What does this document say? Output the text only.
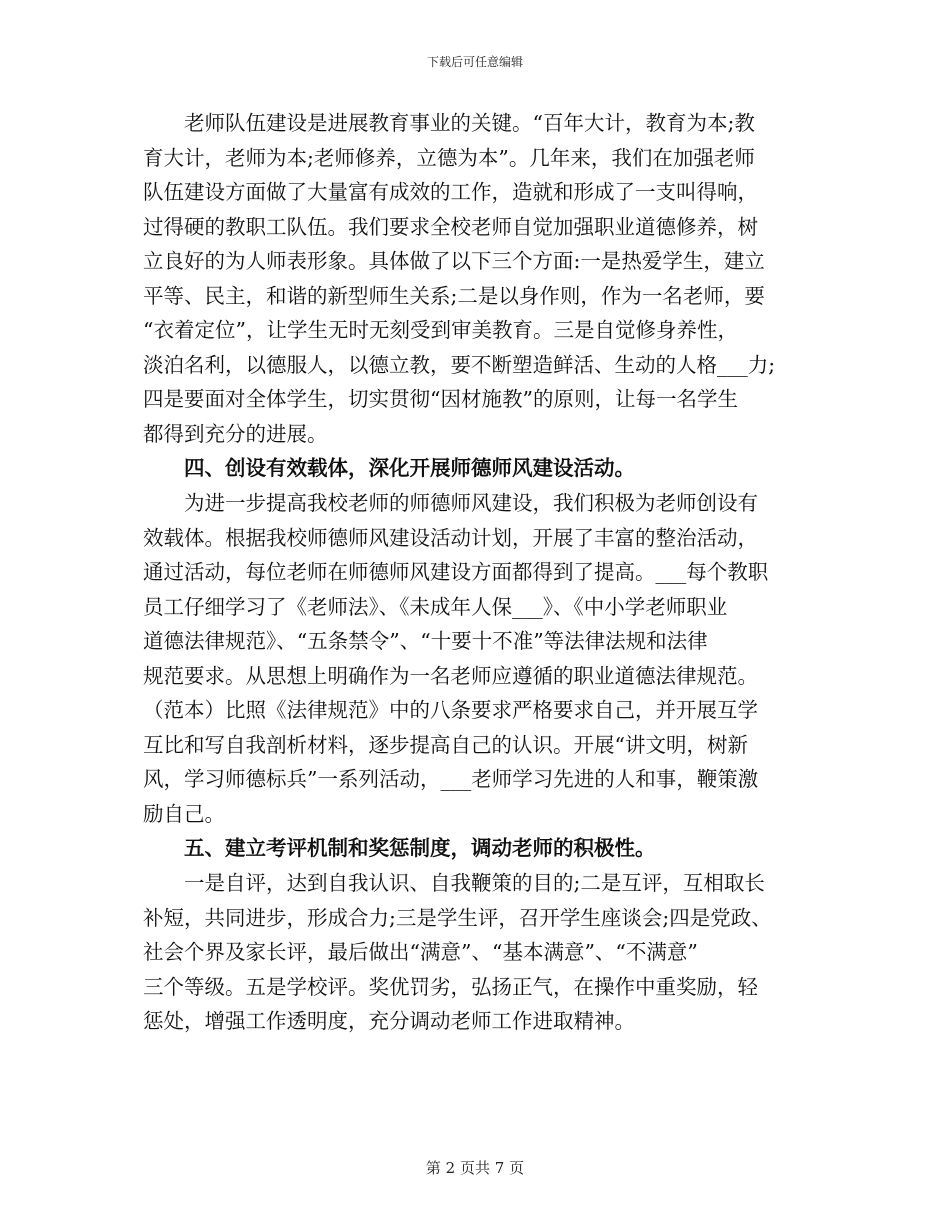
下载后可任意编辑
　　老师队伍建设是进展教育事业的关键。“百年大计，教育为本;教
育大计，老师为本;老师修养，立德为本”。几年来，我们在加强老师
队伍建设方面做了大量富有成效的工作，造就和形成了一支叫得响，
过得硬的教职工队伍。我们要求全校老师自觉加强职业道德修养，树
立良好的为人师表形象。具体做了以下三个方面:一是热爱学生，建立
平等、民主，和谐的新型师生关系;二是以身作则，作为一名老师，要
“衣着定位”，让学生无时无刻受到审美教育。三是自觉修身养性，
淡泊名利，以德服人，以德立教，要不断塑造鲜活、生动的人格___力;
四是要面对全体学生，切实贯彻“因材施教”的原则，让每一名学生
都得到充分的进展。
　　四、创设有效载体，深化开展师德师风建设活动。
　　为进一步提高我校老师的师德师风建设，我们积极为老师创设有
效载体。根据我校师德师风建设活动计划，开展了丰富的整治活动，
通过活动，每位老师在师德师风建设方面都得到了提高。___每个教职
员工仔细学习了《老师法》、《未成年人保___》、《中小学老师职业
道德法律规范》、“五条禁令”、“十要十不准”等法律法规和法律
规范要求。从思想上明确作为一名老师应遵循的职业道德法律规范。
（范本）比照《法律规范》中的八条要求严格要求自己，并开展互学
互比和写自我剖析材料，逐步提高自己的认识。开展“讲文明，树新
风，学习师德标兵”一系列活动，___老师学习先进的人和事，鞭策激
励自己。
　　五、建立考评机制和奖惩制度，调动老师的积极性。
　　一是自评，达到自我认识、自我鞭策的目的;二是互评，互相取长
补短，共同进步，形成合力;三是学生评，召开学生座谈会;四是党政、
社会个界及家长评，最后做出“满意”、“基本满意”、“不满意”
三个等级。五是学校评。奖优罚劣，弘扬正气，在操作中重奖励，轻
惩处，增强工作透明度，充分调动老师工作进取精神。
第 2 页共 7 页
